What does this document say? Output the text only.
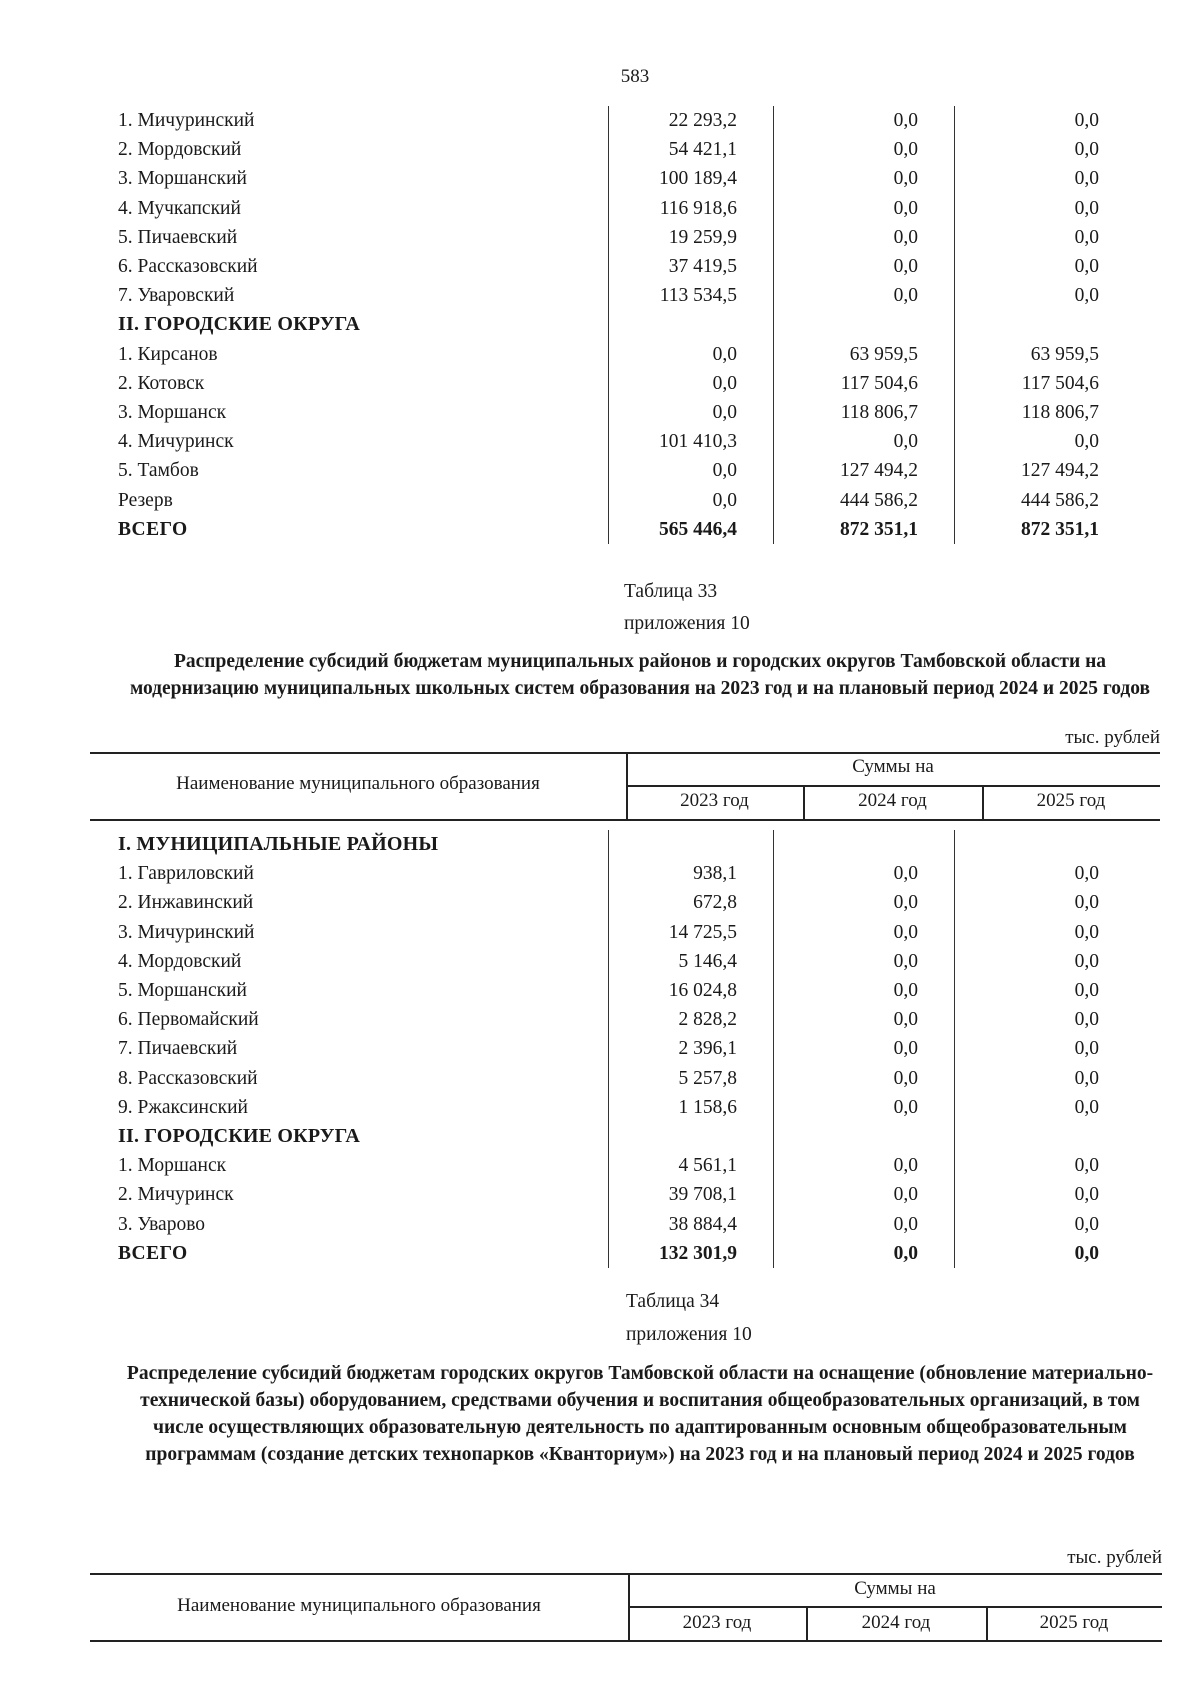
583
1. Мичуринский	22 293,2	0,0	0,0
2. Мордовский	54 421,1	0,0	0,0
3. Моршанский	100 189,4	0,0	0,0
4. Мучкапский	116 918,6	0,0	0,0
5. Пичаевский	19 259,9	0,0	0,0
6. Рассказовский	37 419,5	0,0	0,0
7. Уваровский	113 534,5	0,0	0,0
II. ГОРОДСКИЕ ОКРУГА			
1. Кирсанов	0,0	63 959,5	63 959,5
2. Котовск	0,0	117 504,6	117 504,6
3. Моршанск	0,0	118 806,7	118 806,7
4. Мичуринск	101 410,3	0,0	0,0
5. Тамбов	0,0	127 494,2	127 494,2
Резерв	0,0	444 586,2	444 586,2
ВСЕГО	565 446,4	872 351,1	872 351,1
Таблица 33
приложения 10
Распределение субсидий бюджетам муниципальных районов и городских округов Тамбовской области на модернизацию муниципальных школьных систем образования на 2023 год и на плановый период 2024 и 2025 годов
тыс. рублей
Наименование муниципального образования
Суммы на
2023 год	2024 год	2025 год
I. МУНИЦИПАЛЬНЫЕ РАЙОНЫ			
1. Гавриловский	938,1	0,0	0,0
2. Инжавинский	672,8	0,0	0,0
3. Мичуринский	14 725,5	0,0	0,0
4. Мордовский	5 146,4	0,0	0,0
5. Моршанский	16 024,8	0,0	0,0
6. Первомайский	2 828,2	0,0	0,0
7. Пичаевский	2 396,1	0,0	0,0
8. Рассказовский	5 257,8	0,0	0,0
9. Ржаксинский	1 158,6	0,0	0,0
II. ГОРОДСКИЕ ОКРУГА			
1. Моршанск	4 561,1	0,0	0,0
2. Мичуринск	39 708,1	0,0	0,0
3. Уварово	38 884,4	0,0	0,0
ВСЕГО	132 301,9	0,0	0,0
Таблица 34
приложения 10
Распределение субсидий бюджетам городских округов Тамбовской области на оснащение (обновление материально-технической базы) оборудованием, средствами обучения и воспитания общеобразовательных организаций, в том числе осуществляющих образовательную деятельность по адаптированным основным общеобразовательным программам (создание детских технопарков «Кванториум») на 2023 год и на плановый период 2024 и 2025 годов
тыс. рублей
Наименование муниципального образования
Суммы на
2023 год	2024 год	2025 год
